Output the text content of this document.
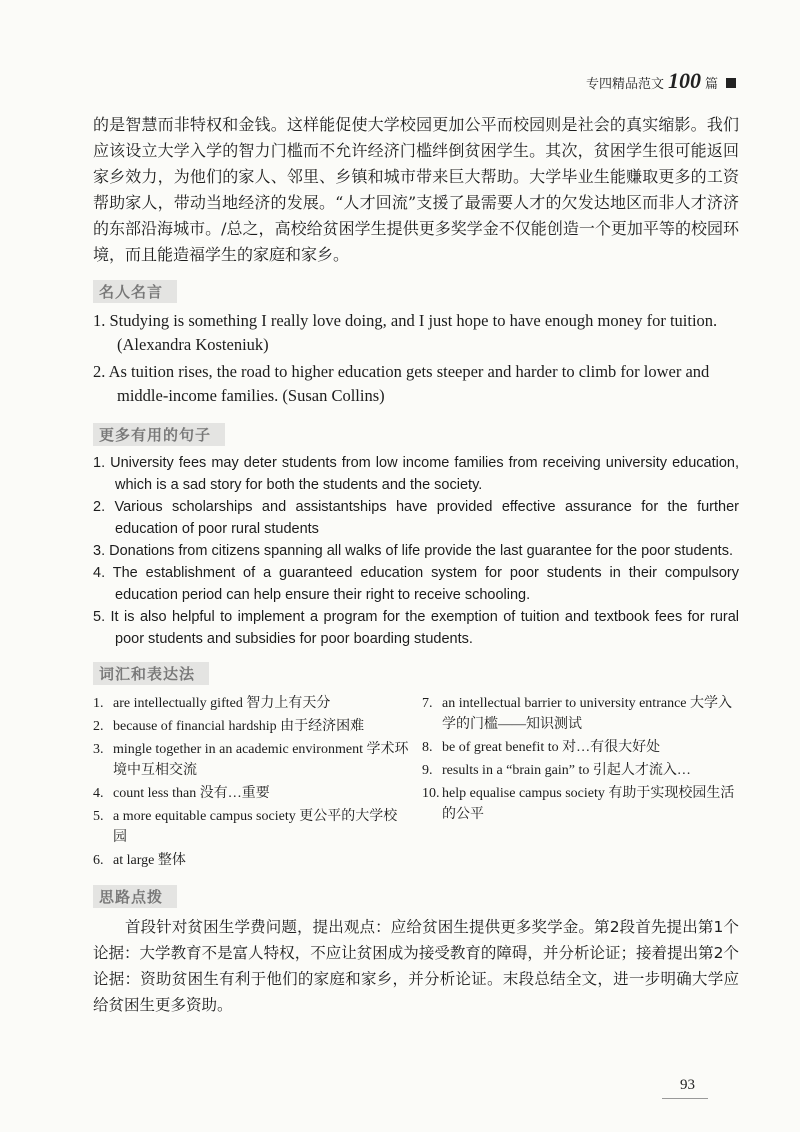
专四精品范文 100 篇

的是智慧而非特权和金钱。这样能促使大学校园更加公平而校园则是社会的真实缩影。我们应该设立大学入学的智力门槛而不允许经济门槛绊倒贫困学生。其次，贫困学生很可能返回家乡效力，为他们的家人、邻里、乡镇和城市带来巨大帮助。大学毕业生能赚取更多的工资帮助家人，带动当地经济的发展。“人才回流”支援了最需要人才的欠发达地区而非人才济济的东部沿海城市。/总之，高校给贫困学生提供更多奖学金不仅能创造一个更加平等的校园环境，而且能造福学生的家庭和家乡。

名人名言
1. Studying is something I really love doing, and I just hope to have enough money for tuition. (Alexandra Kosteniuk)
2. As tuition rises, the road to higher education gets steeper and harder to climb for lower and middle-income families. (Susan Collins)
更多有用的句子
1. University fees may deter students from low income families from receiving university education, which is a sad story for both the students and the society.
2. Various scholarships and assistantships have provided effective assurance for the further education of poor rural students
3. Donations from citizens spanning all walks of life provide the last guarantee for the poor students.
4. The establishment of a guaranteed education system for poor students in their compulsory education period can help ensure their right to receive schooling.
5. It is also helpful to implement a program for the exemption of tuition and textbook fees for rural poor students and subsidies for poor boarding students.
词汇和表达法
1. are intellectually gifted 智力上有天分
2. because of financial hardship 由于经济困难
3. mingle together in an academic environment 学术环境中互相交流
4. count less than 没有…重要
5. a more equitable campus society 更公平的大学校园
6. at large 整体
7. an intellectual barrier to university entrance 大学入学的门槛——知识测试
8. be of great benefit to 对…有很大好处
9. results in a “brain gain” to 引起人才流入…
10. help equalise campus society 有助于实现校园生活的公平
思路点拨

首段针对贫困生学费问题，提出观点：应给贫困生提供更多奖学金。第2段首先提出第1个论据：大学教育不是富人特权，不应让贫困成为接受教育的障碍，并分析论证；接着提出第2个论据：资助贫困生有利于他们的家庭和家乡，并分析论证。末段总结全文，进一步明确大学应给贫困生更多资助。

93
